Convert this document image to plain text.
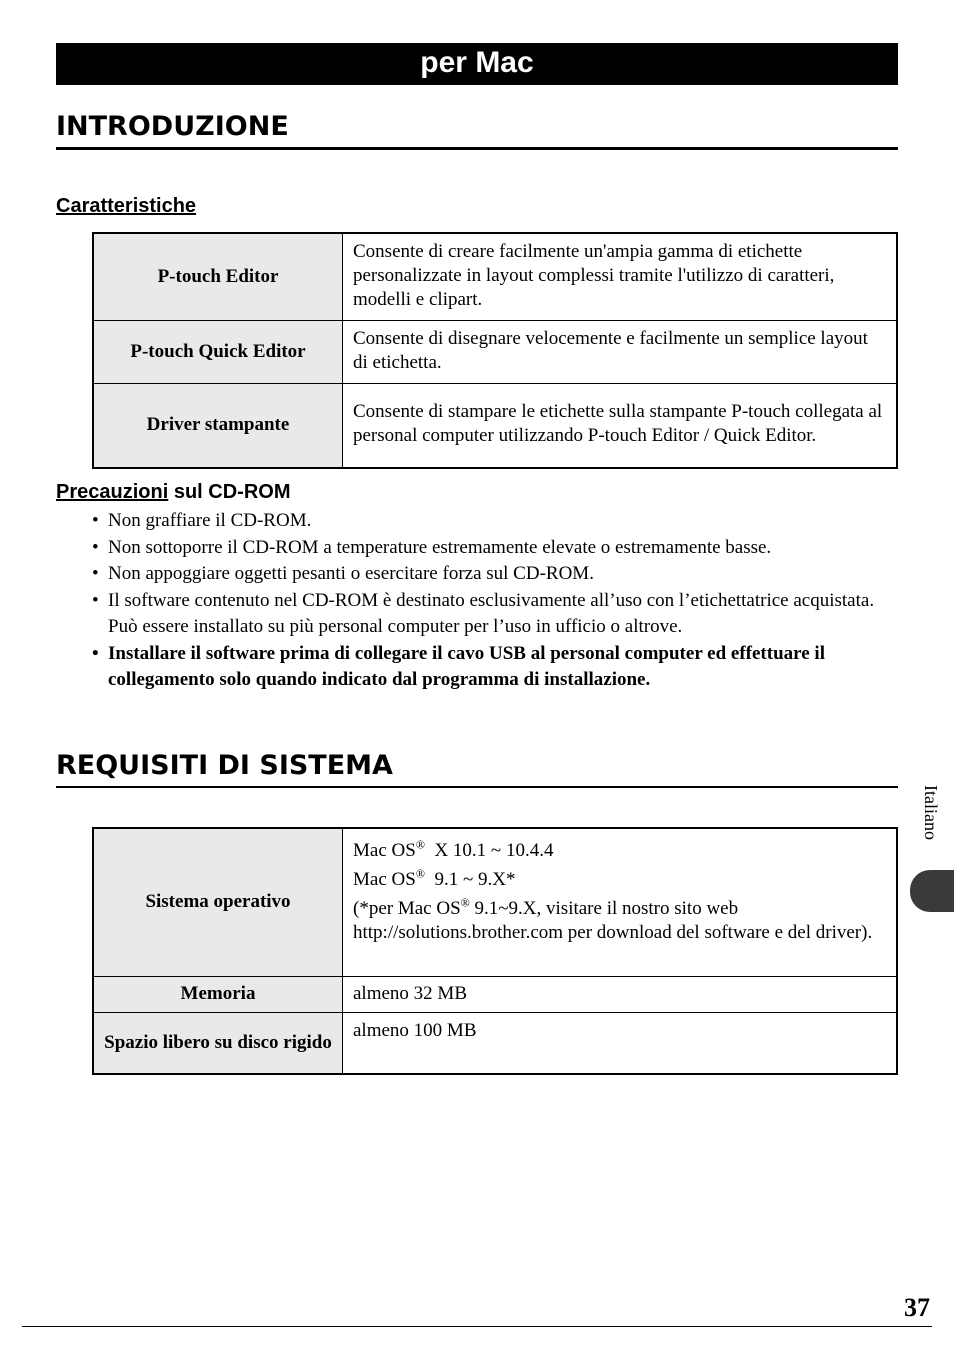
per Mac
INTRODUZIONE
Caratteristiche
P-touch Editor	Consente di creare facilmente un'ampia gamma di etichette personalizzate in layout complessi tramite l'utilizzo di caratteri, modelli e clipart.
P-touch Quick Editor	Consente di disegnare velocemente e facilmente un semplice layout di etichetta.
Driver stampante	Consente di stampare le etichette sulla stampante P-touch collegata al personal computer utilizzando P-touch Editor / Quick Editor.
Precauzioni sul CD-ROM
• Non graffiare il CD-ROM.
• Non sottoporre il CD-ROM a temperature estremamente elevate o estremamente basse.
• Non appoggiare oggetti pesanti o esercitare forza sul CD-ROM.
• Il software contenuto nel CD-ROM è destinato esclusivamente all’uso con l’etichettatrice acquistata.
Può essere installato su più personal computer per l’uso in ufficio o altrove.
• Installare il software prima di collegare il cavo USB al personal computer ed effettuare il collegamento solo quando indicato dal programma di installazione.
REQUISITI DI SISTEMA
Sistema operativo	Mac OS®  X 10.1 ~ 10.4.4
Mac OS®  9.1 ~ 9.X*
(*per Mac OS® 9.1~9.X, visitare il nostro sito web http://solutions.brother.com per download del software e del driver).

Memoria	almeno 32 MB
Spazio libero su disco rigido	almeno 100 MB
Italiano
37
